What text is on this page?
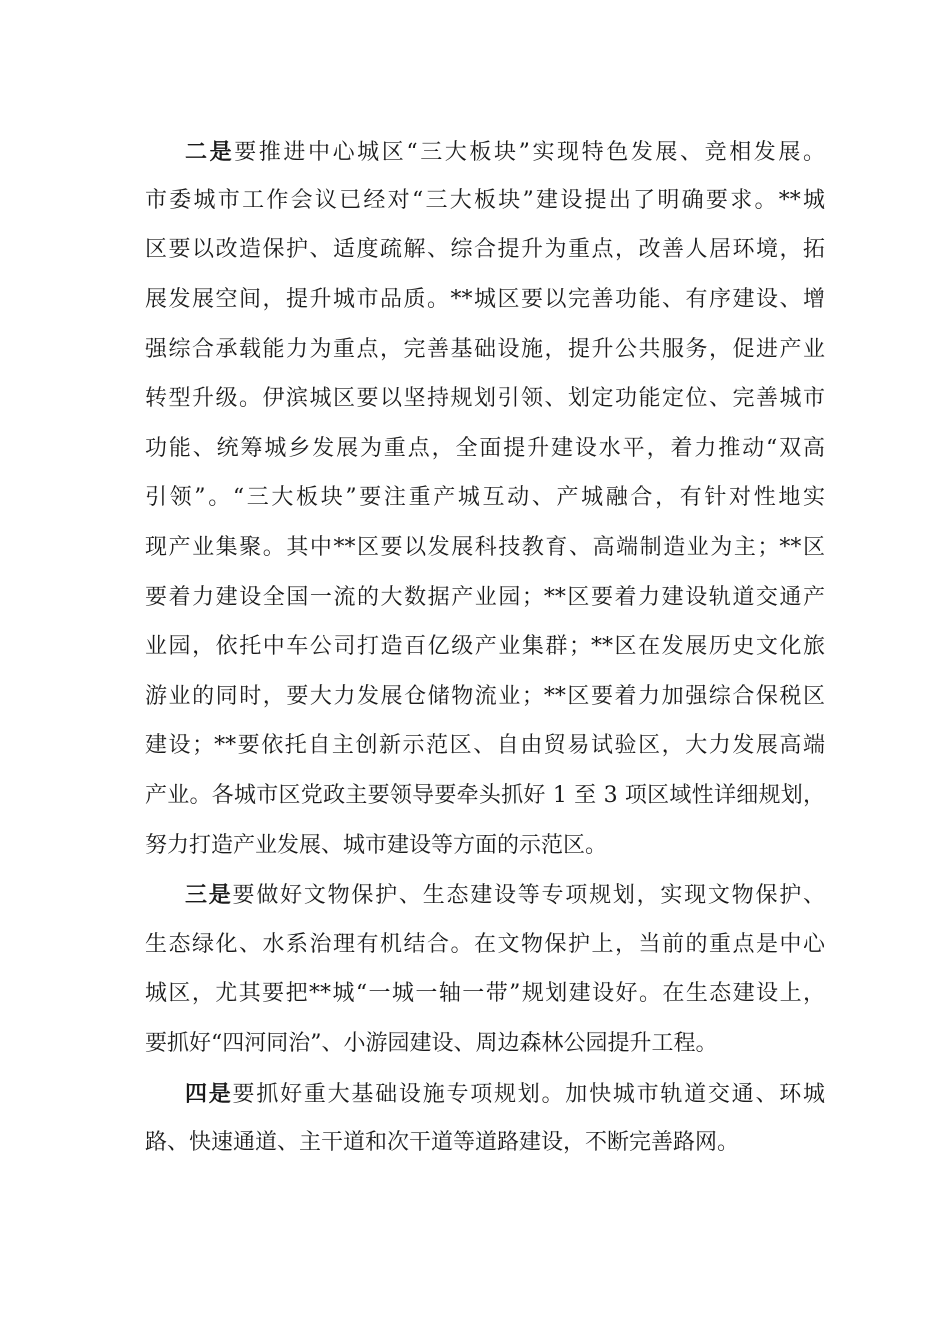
二是要推进中心城区“三大板块”实现特色发展、竞相发展。

市委城市工作会议已经对“三大板块”建设提出了明确要求。**城

区要以改造保护、适度疏解、综合提升为重点，改善人居环境，拓

展发展空间，提升城市品质。**城区要以完善功能、有序建设、增

强综合承载能力为重点，完善基础设施，提升公共服务，促进产业

转型升级。伊滨城区要以坚持规划引领、划定功能定位、完善城市

功能、统筹城乡发展为重点，全面提升建设水平，着力推动“双高

引领”。“三大板块”要注重产城互动、产城融合，有针对性地实

现产业集聚。其中**区要以发展科技教育、高端制造业为主；**区

要着力建设全国一流的大数据产业园；**区要着力建设轨道交通产

业园，依托中车公司打造百亿级产业集群；**区在发展历史文化旅

游业的同时，要大力发展仓储物流业；**区要着力加强综合保税区

建设；**要依托自主创新示范区、自由贸易试验区，大力发展高端

产业。各城市区党政主要领导要牵头抓好 1 至 3 项区域性详细规划，

努力打造产业发展、城市建设等方面的示范区。

三是要做好文物保护、生态建设等专项规划，实现文物保护、

生态绿化、水系治理有机结合。在文物保护上，当前的重点是中心

城区，尤其要把**城“一城一轴一带”规划建设好。在生态建设上，

要抓好“四河同治”、小游园建设、周边森林公园提升工程。

四是要抓好重大基础设施专项规划。加快城市轨道交通、环城

路、快速通道、主干道和次干道等道路建设，不断完善路网。
